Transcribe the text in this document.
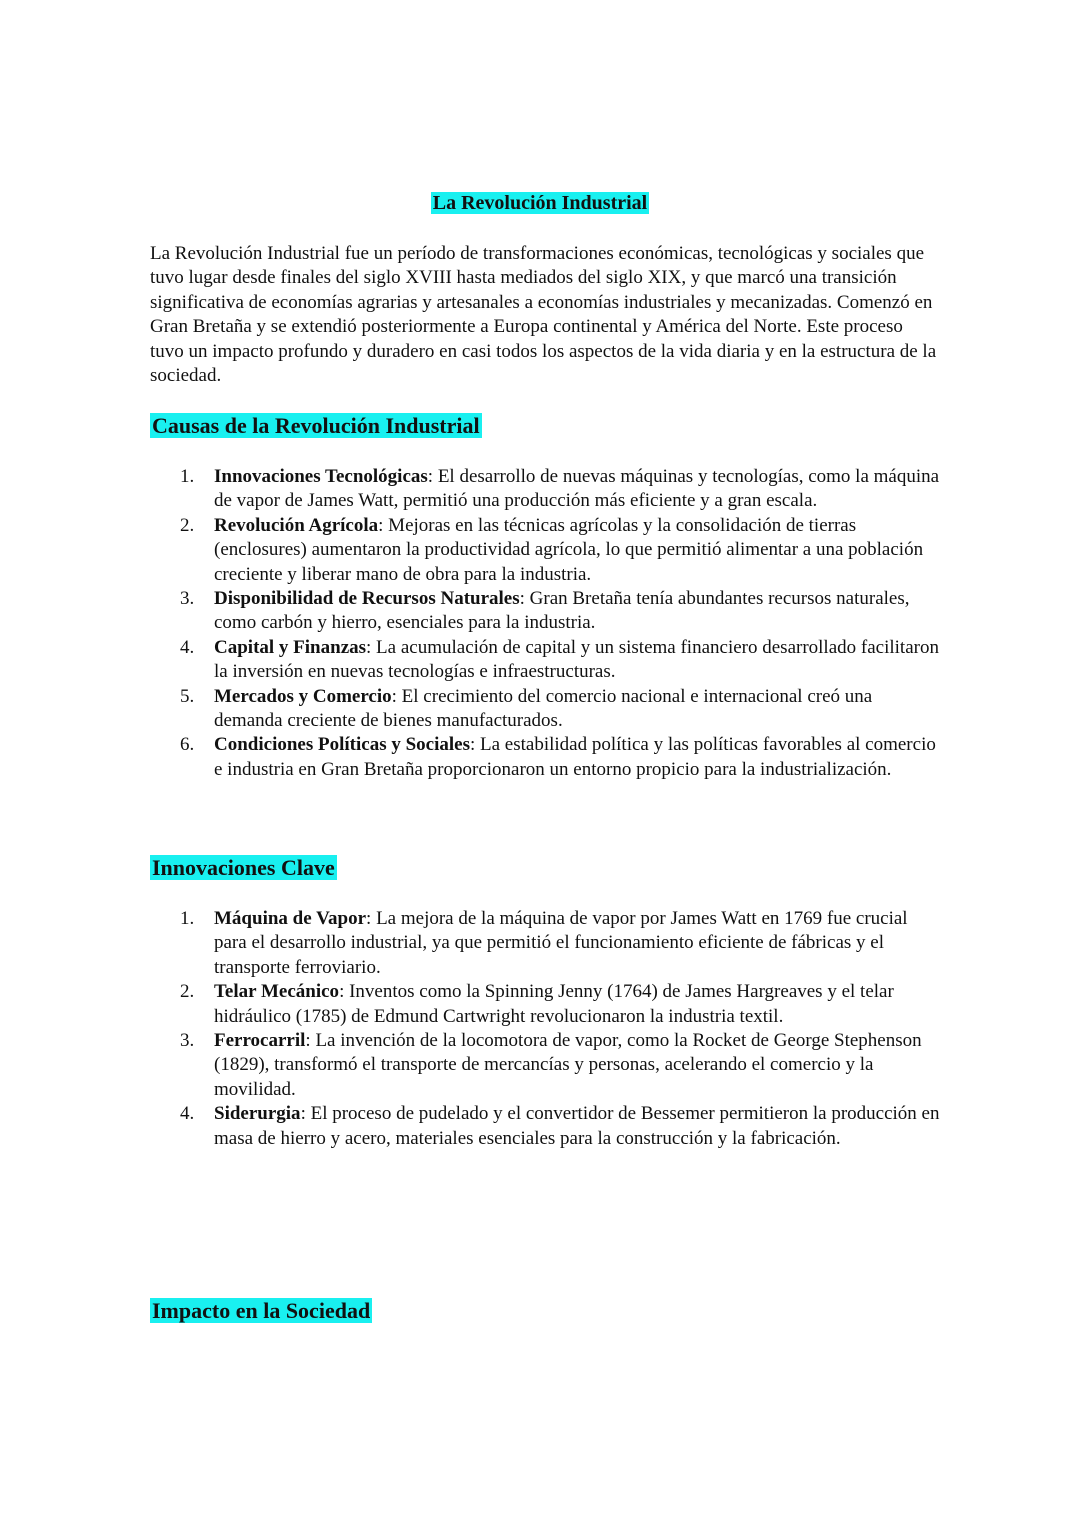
La Revolución Industrial

La Revolución Industrial fue un período de transformaciones económicas, tecnológicas y sociales que tuvo lugar desde finales del siglo XVIII hasta mediados del siglo XIX, y que marcó una transición significativa de economías agrarias y artesanales a economías industriales y mecanizadas. Comenzó en Gran Bretaña y se extendió posteriormente a Europa continental y América del Norte. Este proceso tuvo un impacto profundo y duradero en casi todos los aspectos de la vida diaria y en la estructura de la sociedad.

Causas de la Revolución Industrial
1. Innovaciones Tecnológicas: El desarrollo de nuevas máquinas y tecnologías, como la máquina de vapor de James Watt, permitió una producción más eficiente y a gran escala.
2. Revolución Agrícola: Mejoras en las técnicas agrícolas y la consolidación de tierras (enclosures) aumentaron la productividad agrícola, lo que permitió alimentar a una población creciente y liberar mano de obra para la industria.
3. Disponibilidad de Recursos Naturales: Gran Bretaña tenía abundantes recursos naturales, como carbón y hierro, esenciales para la industria.
4. Capital y Finanzas: La acumulación de capital y un sistema financiero desarrollado facilitaron la inversión en nuevas tecnologías e infraestructuras.
5. Mercados y Comercio: El crecimiento del comercio nacional e internacional creó una demanda creciente de bienes manufacturados.
6. Condiciones Políticas y Sociales: La estabilidad política y las políticas favorables al comercio e industria en Gran Bretaña proporcionaron un entorno propicio para la industrialización.
Innovaciones Clave
1. Máquina de Vapor: La mejora de la máquina de vapor por James Watt en 1769 fue crucial para el desarrollo industrial, ya que permitió el funcionamiento eficiente de fábricas y el transporte ferroviario.
2. Telar Mecánico: Inventos como la Spinning Jenny (1764) de James Hargreaves y el telar hidráulico (1785) de Edmund Cartwright revolucionaron la industria textil.
3. Ferrocarril: La invención de la locomotora de vapor, como la Rocket de George Stephenson (1829), transformó el transporte de mercancías y personas, acelerando el comercio y la movilidad.
4. Siderurgia: El proceso de pudelado y el convertidor de Bessemer permitieron la producción en masa de hierro y acero, materiales esenciales para la construcción y la fabricación.
Impacto en la Sociedad
